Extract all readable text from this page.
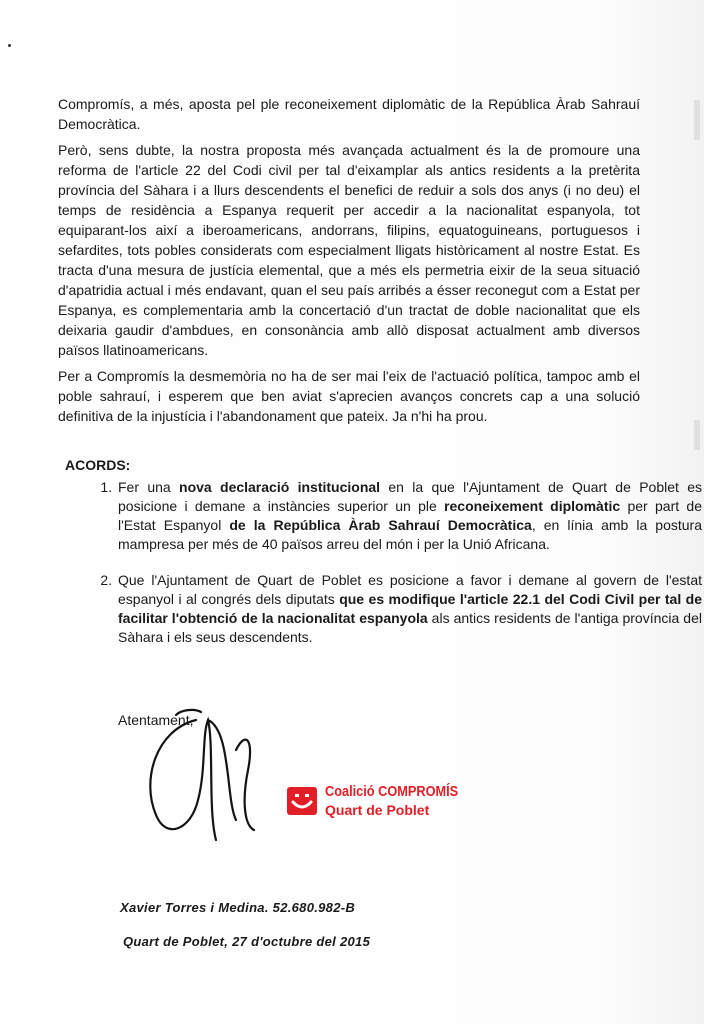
Compromís, a més, aposta pel ple reconeixement diplomàtic de la República Àrab Sahrauí Democràtica.

Però, sens dubte, la nostra proposta més avançada actualment és la de promoure una reforma de l'article 22 del Codi civil per tal d'eixamplar als antics residents a la pretèrita província del Sàhara i a llurs descendents el benefici de reduir a sols dos anys (i no deu) el temps de residència a Espanya requerit per accedir a la nacionalitat espanyola, tot equiparant-los així a iberoamericans, andorrans, filipins, equatoguineans, portuguesos i sefardites, tots pobles considerats com especialment lligats històricament al nostre Estat. Es tracta d'una mesura de justícia elemental, que a més els permetria eixir de la seua situació d'apatridia actual i més endavant, quan el seu país arribés a ésser reconegut com a Estat per Espanya, es complementaria amb la concertació d'un tractat de doble nacionalitat que els deixaria gaudir d'ambdues, en consonància amb allò disposat actualment amb diversos països llatinoamericans.

Per a Compromís la desmemòria no ha de ser mai l'eix de l'actuació política, tampoc amb el poble sahrauí, i esperem que ben aviat s'aprecien avanços concrets cap a una solució definitiva de la injustícia i l'abandonament que pateix. Ja n'hi ha prou.

ACORDS:
1. Fer una nova declaració institucional en la que l'Ajuntament de Quart de Poblet es posicione i demane a instàncies superior un ple reconeixement diplomàtic per part de l'Estat Espanyol de la República Àrab Sahrauí Democràtica, en línia amb la postura mampresa per més de 40 països arreu del món i per la Unió Africana.
2. Que l'Ajuntament de Quart de Poblet es posicione a favor i demane al govern de l'estat espanyol i al congrés dels diputats que es modifique l'article 22.1 del Codi Civil per tal de facilitar l'obtenció de la nacionalitat espanyola als antics residents de l'antiga província del Sàhara i els seus descendents.
Atentament,
Coalició COMPROMÍS
Quart de Poblet
Xavier Torres i Medina. 52.680.982-B
Quart de Poblet, 27 d'octubre del 2015
